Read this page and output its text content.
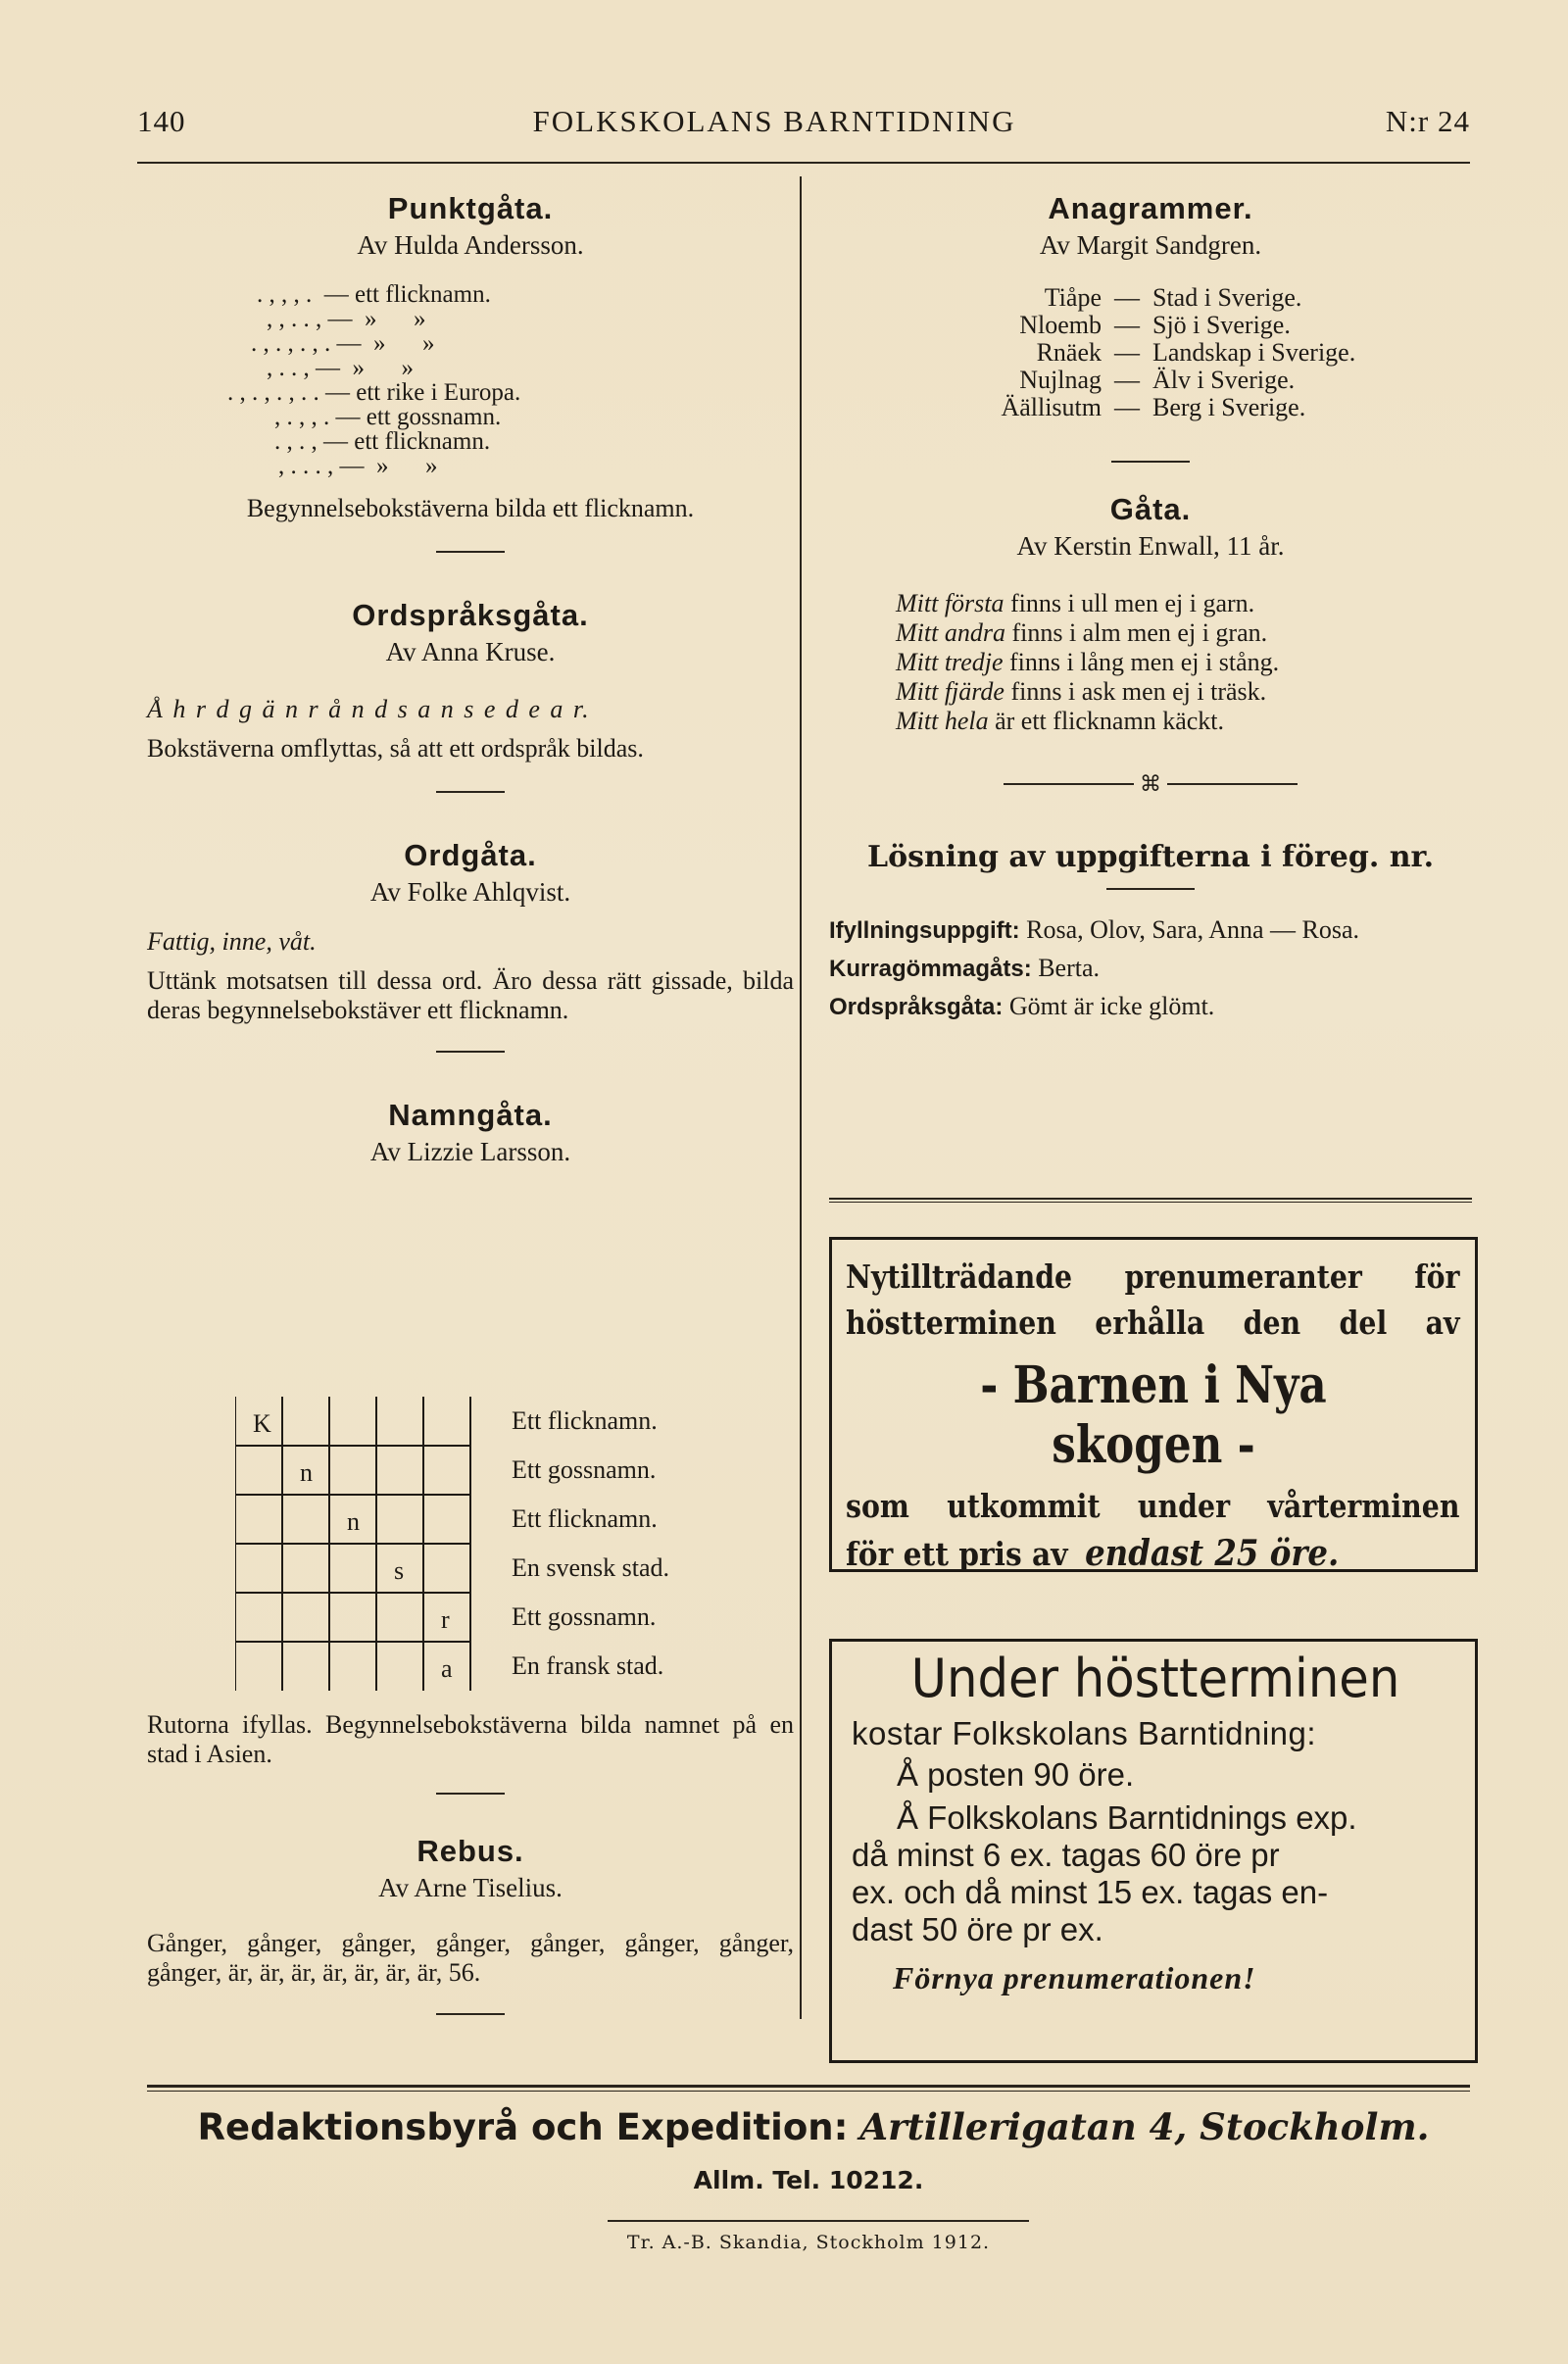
140	FOLKSKOLANS BARNTIDNING	N:r 24
Punktgåta.

Av Hulda Andersson.

. , , , .  — ett flicknamn.
, , . . , —  »      »
. , . , . , . —  »      »
, . . , —  »      »
. , . , . , . . — ett rike i Europa.
, . , , . — ett gossnamn.
. , . , — ett flicknamn.
, . . . , —  »      »

Begynnelsebokstäverna bilda ett flicknamn.

Ordspråksgåta.

Av Anna Kruse.

Å h r d g ä n r å n d s a n s e d e a r.

Bokstäverna omflyttas, så att ett ordspråk bildas.

Ordgåta.

Av Folke Ahlqvist.

Fattig, inne, våt.

Uttänk motsatsen till dessa ord. Äro dessa rätt gissade, bilda deras begynnelsebokstäver ett flicknamn.

Namngåta.

Av Lizzie Larsson.

K
n
n
s
r
a
Ett flicknamn.
Ett gossnamn.
Ett flicknamn.
En svensk stad.
Ett gossnamn.
En fransk stad.

Rutorna ifyllas. Begynnelsebokstäverna bilda namnet på en stad i Asien.

Rebus.

Av Arne Tiselius.

Gånger, gånger, gånger, gånger, gånger, gånger, gånger, gånger, är, är, är, är, är, är, är, 56.

Anagrammer.

Av Margit Sandgren.

Tiåpe — Stad i Sverige.
Nloemb — Sjö i Sverige.
Rnäek — Landskap i Sverige.
Nujlnag — Älv i Sverige.
Äällisutm — Berg i Sverige.
Gåta.

Av Kerstin Enwall, 11 år.

Mitt första finns i ull men ej i garn.
Mitt andra finns i alm men ej i gran.
Mitt tredje finns i lång men ej i stång.
Mitt fjärde finns i ask men ej i träsk.
Mitt hela är ett flicknamn käckt.
⌘
Lösning av uppgifterna i föreg. nr.

Ifyllningsuppgift: Rosa, Olov, Sara, Anna — Rosa.

Kurragömmagåts: Berta.

Ordspråksgåta: Gömt är icke glömt.

Nytillträdande prenumeranter för
höstterminen erhålla den del av
- Barnen i Nya skogen -
som utkommit under vårterminen
för ett pris av endast 25 öre.
Under höstterminen
kostar Folkskolans Barntidning:
Å posten 90 öre.
Å Folkskolans Barntidnings exp.
då minst 6 ex. tagas 60 öre pr
ex. och då minst 15 ex. tagas en-
dast 50 öre pr ex.
Förnya prenumerationen!
Redaktionsbyrå och Expedition: Artillerigatan 4, Stockholm.
Allm. Tel. 10212.
Tr. A.-B. Skandia, Stockholm 1912.
